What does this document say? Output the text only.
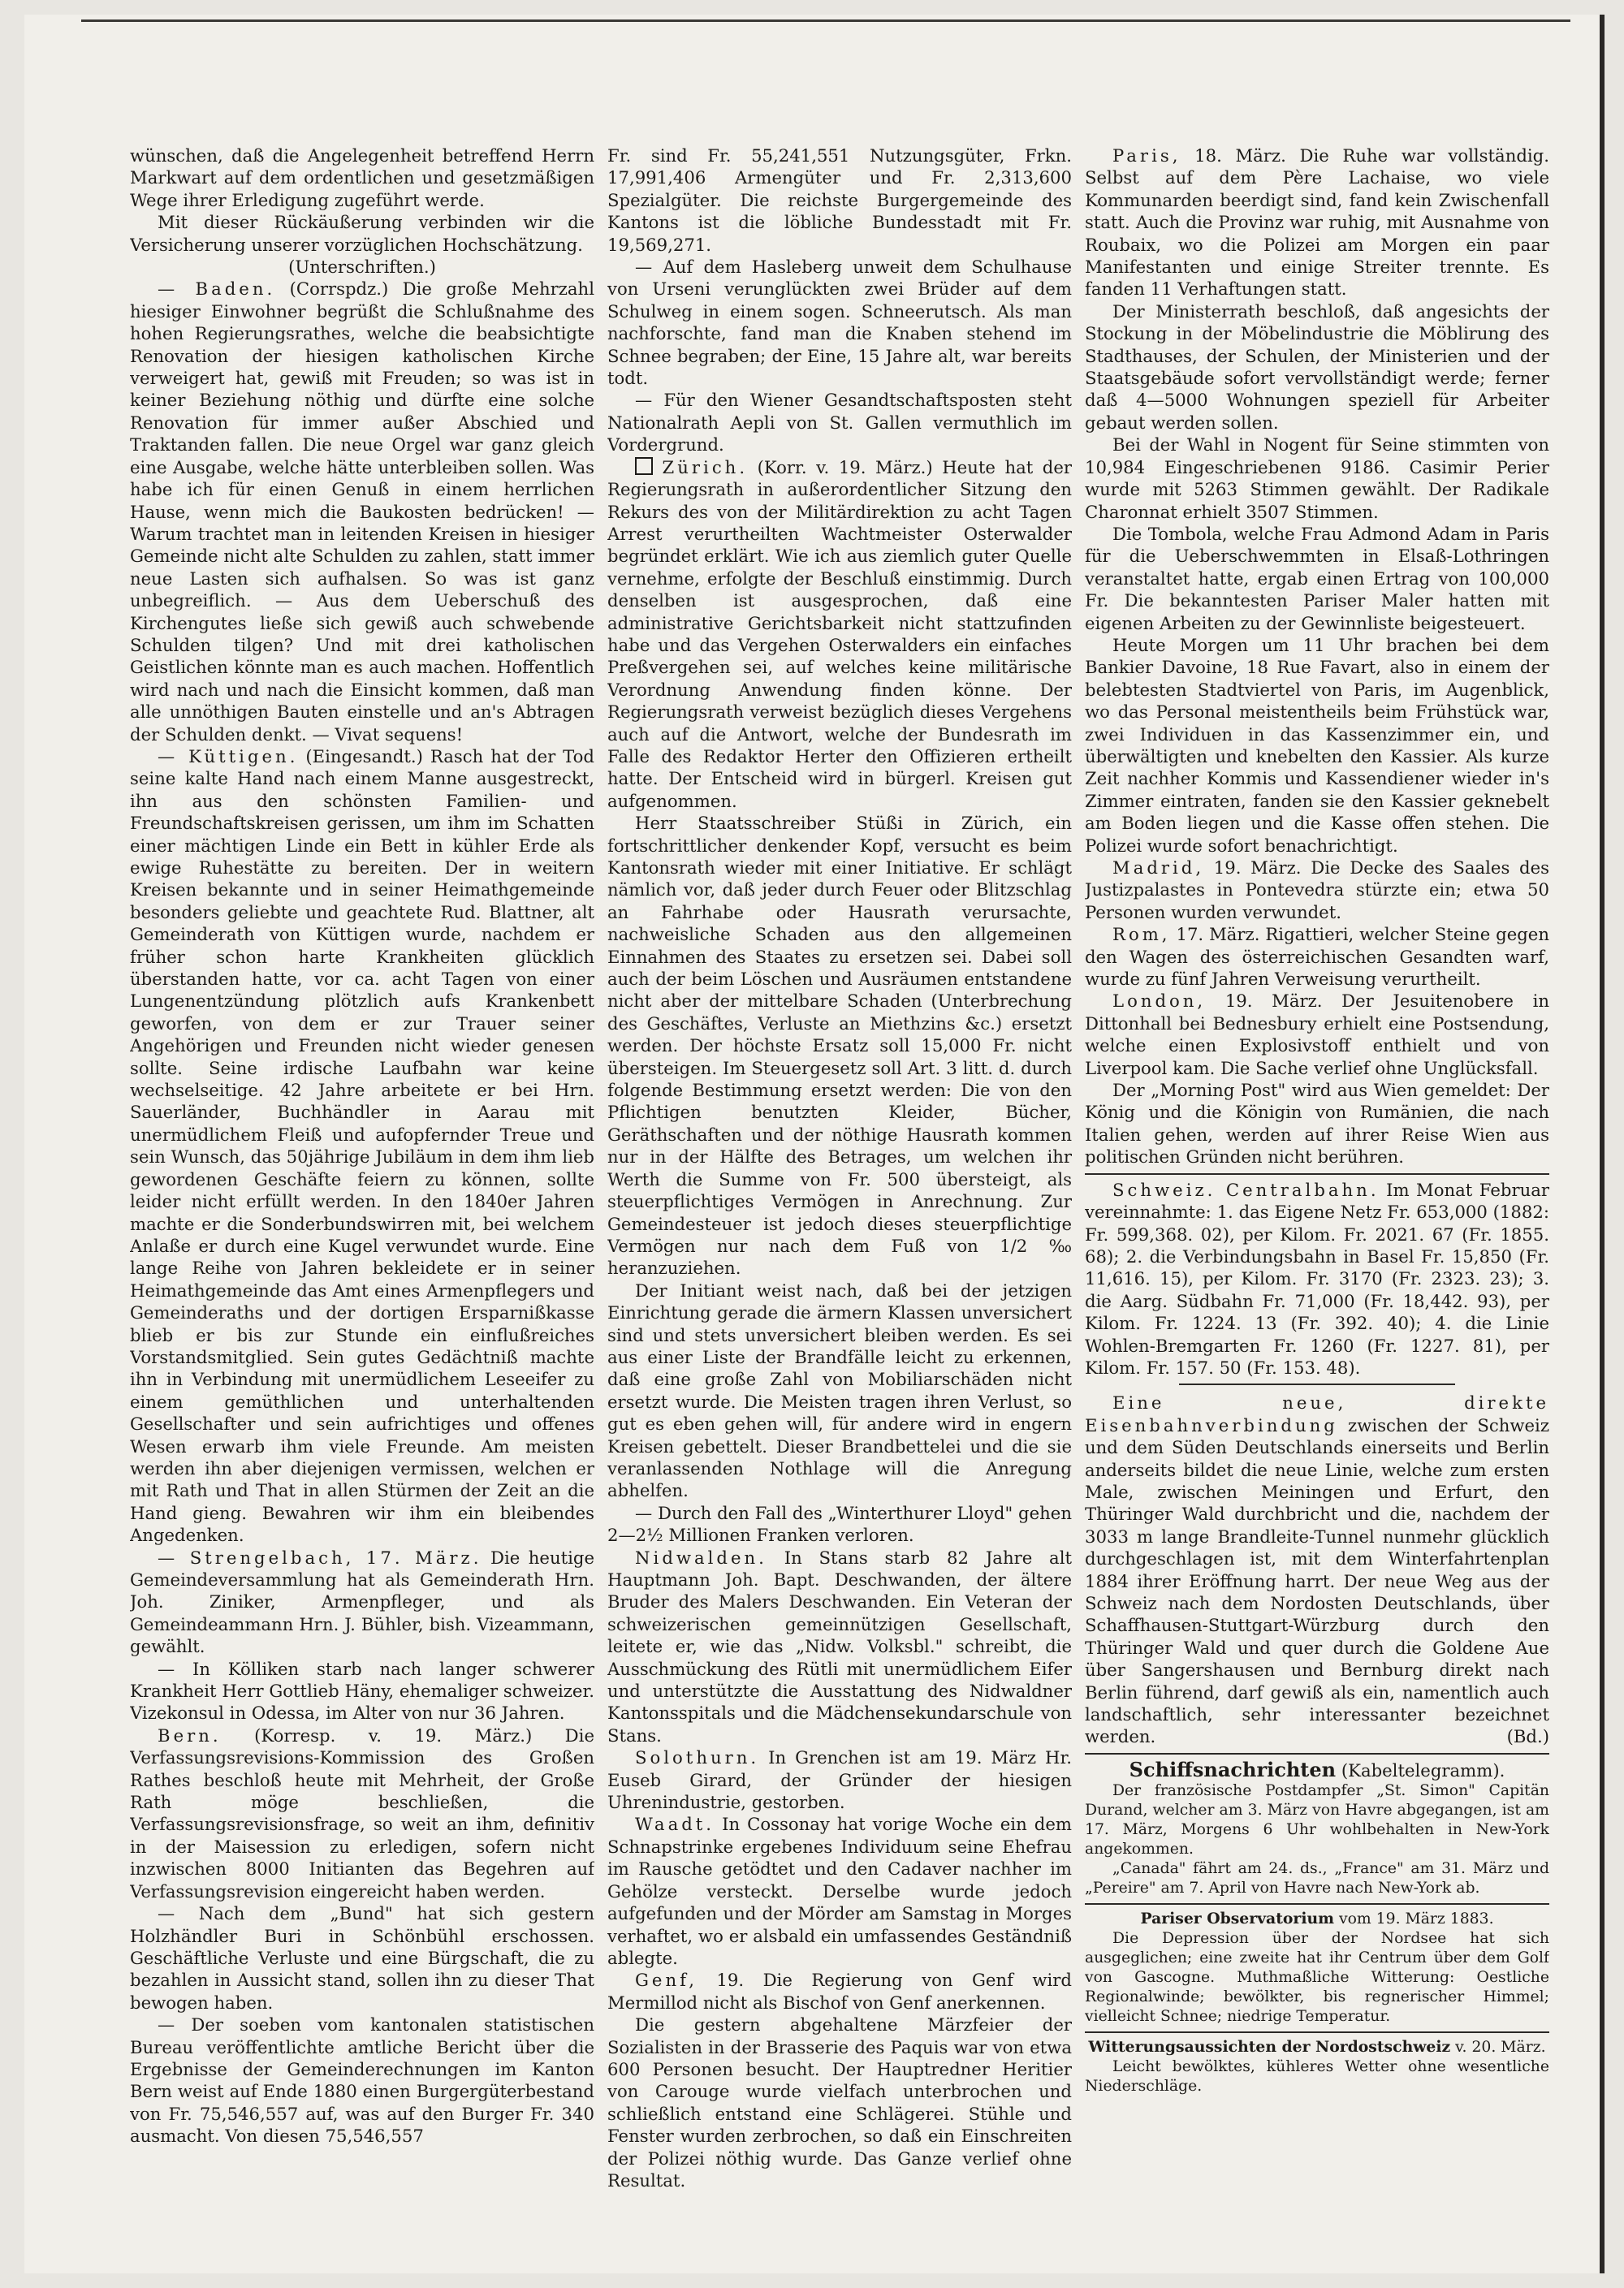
wünschen, daß die Angelegenheit betreffend Herrn Markwart auf dem ordentlichen und gesetzmäßigen Wege ihrer Erledigung zugeführt werde.

Mit dieser Rückäußerung verbinden wir die Versicherung unserer vorzüglichen Hochschätzung.

(Unterschriften.)

— Baden. (Corrspdz.) Die große Mehrzahl hiesiger Einwohner begrüßt die Schlußnahme des hohen Regierungsrathes, welche die beabsichtigte Renovation der hiesigen katholischen Kirche verweigert hat, gewiß mit Freuden; so was ist in keiner Beziehung nöthig und dürfte eine solche Renovation für immer außer Abschied und Traktanden fallen. Die neue Orgel war ganz gleich eine Ausgabe, welche hätte unterbleiben sollen. Was habe ich für einen Genuß in einem herrlichen Hause, wenn mich die Baukosten bedrücken! — Warum trachtet man in leitenden Kreisen in hiesiger Gemeinde nicht alte Schulden zu zahlen, statt immer neue Lasten sich aufhalsen. So was ist ganz unbegreiflich. — Aus dem Ueberschuß des Kirchengutes ließe sich gewiß auch schwebende Schulden tilgen? Und mit drei katholischen Geistlichen könnte man es auch machen. Hoffentlich wird nach und nach die Einsicht kommen, daß man alle unnöthigen Bauten einstelle und an's Abtragen der Schulden denkt. — Vivat sequens!

— Küttigen. (Eingesandt.) Rasch hat der Tod seine kalte Hand nach einem Manne ausgestreckt, ihn aus den schönsten Familien- und Freundschaftskreisen gerissen, um ihm im Schatten einer mächtigen Linde ein Bett in kühler Erde als ewige Ruhestätte zu bereiten. Der in weitern Kreisen bekannte und in seiner Heimathgemeinde besonders geliebte und geachtete Rud. Blattner, alt Gemeinderath von Küttigen wurde, nachdem er früher schon harte Krankheiten glücklich überstanden hatte, vor ca. acht Tagen von einer Lungenentzündung plötzlich aufs Krankenbett geworfen, von dem er zur Trauer seiner Angehörigen und Freunden nicht wieder genesen sollte. Seine irdische Laufbahn war keine wechselseitige. 42 Jahre arbeitete er bei Hrn. Sauerländer, Buchhändler in Aarau mit unermüdlichem Fleiß und aufopfernder Treue und sein Wunsch, das 50jährige Jubiläum in dem ihm lieb gewordenen Geschäfte feiern zu können, sollte leider nicht erfüllt werden. In den 1840er Jahren machte er die Sonderbundswirren mit, bei welchem Anlaße er durch eine Kugel verwundet wurde. Eine lange Reihe von Jahren bekleidete er in seiner Heimathgemeinde das Amt eines Armenpflegers und Gemeinderaths und der dortigen Ersparnißkasse blieb er bis zur Stunde ein einflußreiches Vorstandsmitglied. Sein gutes Gedächtniß machte ihn in Verbindung mit unermüdlichem Leseeifer zu einem gemüthlichen und unterhaltenden Gesellschafter und sein aufrichtiges und offenes Wesen erwarb ihm viele Freunde. Am meisten werden ihn aber diejenigen vermissen, welchen er mit Rath und That in allen Stürmen der Zeit an die Hand gieng. Bewahren wir ihm ein bleibendes Angedenken.

— Strengelbach, 17. März. Die heutige Gemeindeversammlung hat als Gemeinderath Hrn. Joh. Ziniker, Armenpfleger, und als Gemeindeammann Hrn. J. Bühler, bish. Vizeammann, gewählt.

— In Kölliken starb nach langer schwerer Krankheit Herr Gottlieb Häny, ehemaliger schweizer. Vizekonsul in Odessa, im Alter von nur 36 Jahren.

Bern. (Korresp. v. 19. März.) Die Verfassungsrevisions-Kommission des Großen Rathes beschloß heute mit Mehrheit, der Große Rath möge beschließen, die Verfassungsrevisionsfrage, so weit an ihm, definitiv in der Maisession zu erledigen, sofern nicht inzwischen 8000 Initianten das Begehren auf Verfassungsrevision eingereicht haben werden.

— Nach dem „Bund" hat sich gestern Holzhändler Buri in Schönbühl erschossen. Geschäftliche Verluste und eine Bürgschaft, die zu bezahlen in Aussicht stand, sollen ihn zu dieser That bewogen haben.

— Der soeben vom kantonalen statistischen Bureau veröffentlichte amtliche Bericht über die Ergebnisse der Gemeinderechnungen im Kanton Bern weist auf Ende 1880 einen Burgergüterbestand von Fr. 75,546,557 auf, was auf den Burger Fr. 340 ausmacht. Von diesen 75,546,557

Fr. sind Fr. 55,241,551 Nutzungsgüter, Frkn. 17,991,406 Armengüter und Fr. 2,313,600 Spezialgüter. Die reichste Burgergemeinde des Kantons ist die löbliche Bundesstadt mit Fr. 19,569,271.

— Auf dem Hasleberg unweit dem Schulhause von Urseni verunglückten zwei Brüder auf dem Schulweg in einem sogen. Schneerutsch. Als man nachforschte, fand man die Knaben stehend im Schnee begraben; der Eine, 15 Jahre alt, war bereits todt.

— Für den Wiener Gesandtschaftsposten steht Nationalrath Aepli von St. Gallen vermuthlich im Vordergrund.

Zürich. (Korr. v. 19. März.) Heute hat der Regierungsrath in außerordentlicher Sitzung den Rekurs des von der Militärdirektion zu acht Tagen Arrest verurtheilten Wachtmeister Osterwalder begründet erklärt. Wie ich aus ziemlich guter Quelle vernehme, erfolgte der Beschluß einstimmig. Durch denselben ist ausgesprochen, daß eine administrative Gerichtsbarkeit nicht stattzufinden habe und das Vergehen Osterwalders ein einfaches Preßvergehen sei, auf welches keine militärische Verordnung Anwendung finden könne. Der Regierungsrath verweist bezüglich dieses Vergehens auch auf die Antwort, welche der Bundesrath im Falle des Redaktor Herter den Offizieren ertheilt hatte. Der Entscheid wird in bürgerl. Kreisen gut aufgenommen.

Herr Staatsschreiber Stüßi in Zürich, ein fortschrittlicher denkender Kopf, versucht es beim Kantonsrath wieder mit einer Initiative. Er schlägt nämlich vor, daß jeder durch Feuer oder Blitzschlag an Fahrhabe oder Hausrath verursachte, nachweisliche Schaden aus den allgemeinen Einnahmen des Staates zu ersetzen sei. Dabei soll auch der beim Löschen und Ausräumen entstandene nicht aber der mittelbare Schaden (Unterbrechung des Geschäftes, Verluste an Miethzins &c.) ersetzt werden. Der höchste Ersatz soll 15,000 Fr. nicht übersteigen. Im Steuergesetz soll Art. 3 litt. d. durch folgende Bestimmung ersetzt werden: Die von den Pflichtigen benutzten Kleider, Bücher, Geräthschaften und der nöthige Hausrath kommen nur in der Hälfte des Betrages, um welchen ihr Werth die Summe von Fr. 500 übersteigt, als steuerpflichtiges Vermögen in Anrechnung. Zur Gemeindesteuer ist jedoch dieses steuerpflichtige Vermögen nur nach dem Fuß von 1/2 ‰ heranzuziehen.

Der Initiant weist nach, daß bei der jetzigen Einrichtung gerade die ärmern Klassen unversichert sind und stets unversichert bleiben werden. Es sei aus einer Liste der Brandfälle leicht zu erkennen, daß eine große Zahl von Mobiliarschäden nicht ersetzt wurde. Die Meisten tragen ihren Verlust, so gut es eben gehen will, für andere wird in engern Kreisen gebettelt. Dieser Brandbettelei und die sie veranlassenden Nothlage will die Anregung abhelfen.

— Durch den Fall des „Winterthurer Lloyd" gehen 2—2½ Millionen Franken verloren.

Nidwalden. In Stans starb 82 Jahre alt Hauptmann Joh. Bapt. Deschwanden, der ältere Bruder des Malers Deschwanden. Ein Veteran der schweizerischen gemeinnützigen Gesellschaft, leitete er, wie das „Nidw. Volksbl." schreibt, die Ausschmückung des Rütli mit unermüdlichem Eifer und unterstützte die Ausstattung des Nidwaldner Kantonsspitals und die Mädchensekundarschule von Stans.

Solothurn. In Grenchen ist am 19. März Hr. Euseb Girard, der Gründer der hiesigen Uhrenindustrie, gestorben.

Waadt. In Cossonay hat vorige Woche ein dem Schnapstrinke ergebenes Individuum seine Ehefrau im Rausche getödtet und den Cadaver nachher im Gehölze versteckt. Derselbe wurde jedoch aufgefunden und der Mörder am Samstag in Morges verhaftet, wo er alsbald ein umfassendes Geständniß ablegte.

Genf, 19. Die Regierung von Genf wird Mermillod nicht als Bischof von Genf anerkennen.

Die gestern abgehaltene Märzfeier der Sozialisten in der Brasserie des Paquis war von etwa 600 Personen besucht. Der Hauptredner Heritier von Carouge wurde vielfach unterbrochen und schließlich entstand eine Schlägerei. Stühle und Fenster wurden zerbrochen, so daß ein Einschreiten der Polizei nöthig wurde. Das Ganze verlief ohne Resultat.

Paris, 18. März. Die Ruhe war vollständig. Selbst auf dem Père Lachaise, wo viele Kommunarden beerdigt sind, fand kein Zwischenfall statt. Auch die Provinz war ruhig, mit Ausnahme von Roubaix, wo die Polizei am Morgen ein paar Manifestanten und einige Streiter trennte. Es fanden 11 Verhaftungen statt.

Der Ministerrath beschloß, daß angesichts der Stockung in der Möbelindustrie die Möblirung des Stadthauses, der Schulen, der Ministerien und der Staatsgebäude sofort vervollständigt werde; ferner daß 4—5000 Wohnungen speziell für Arbeiter gebaut werden sollen.

Bei der Wahl in Nogent für Seine stimmten von 10,984 Eingeschriebenen 9186. Casimir Perier wurde mit 5263 Stimmen gewählt. Der Radikale Charonnat erhielt 3507 Stimmen.

Die Tombola, welche Frau Admond Adam in Paris für die Ueberschwemmten in Elsaß-Lothringen veranstaltet hatte, ergab einen Ertrag von 100,000 Fr. Die bekanntesten Pariser Maler hatten mit eigenen Arbeiten zu der Gewinnliste beigesteuert.

Heute Morgen um 11 Uhr brachen bei dem Bankier Davoine, 18 Rue Favart, also in einem der belebtesten Stadtviertel von Paris, im Augenblick, wo das Personal meistentheils beim Frühstück war, zwei Individuen in das Kassenzimmer ein, und überwältigten und knebelten den Kassier. Als kurze Zeit nachher Kommis und Kassendiener wieder in's Zimmer eintraten, fanden sie den Kassier geknebelt am Boden liegen und die Kasse offen stehen. Die Polizei wurde sofort benachrichtigt.

Madrid, 19. März. Die Decke des Saales des Justizpalastes in Pontevedra stürzte ein; etwa 50 Personen wurden verwundet.

Rom, 17. März. Rigattieri, welcher Steine gegen den Wagen des österreichischen Gesandten warf, wurde zu fünf Jahren Verweisung verurtheilt.

London, 19. März. Der Jesuitenobere in Dittonhall bei Bednesbury erhielt eine Postsendung, welche einen Explosivstoff enthielt und von Liverpool kam. Die Sache verlief ohne Unglücksfall.

Der „Morning Post" wird aus Wien gemeldet: Der König und die Königin von Rumänien, die nach Italien gehen, werden auf ihrer Reise Wien aus politischen Gründen nicht berühren.

Schweiz. Centralbahn. Im Monat Februar vereinnahmte: 1. das Eigene Netz Fr. 653,000 (1882: Fr. 599,368. 02), per Kilom. Fr. 2021. 67 (Fr. 1855. 68); 2. die Verbindungsbahn in Basel Fr. 15,850 (Fr. 11,616. 15), per Kilom. Fr. 3170 (Fr. 2323. 23); 3. die Aarg. Südbahn Fr. 71,000 (Fr. 18,442. 93), per Kilom. Fr. 1224. 13 (Fr. 392. 40); 4. die Linie Wohlen-Bremgarten Fr. 1260 (Fr. 1227. 81), per Kilom. Fr. 157. 50 (Fr. 153. 48).

Eine neue, direkte Eisenbahnverbindung zwischen der Schweiz und dem Süden Deutschlands einerseits und Berlin anderseits bildet die neue Linie, welche zum ersten Male, zwischen Meiningen und Erfurt, den Thüringer Wald durchbricht und die, nachdem der 3033 m lange Brandleite-Tunnel nunmehr glücklich durchgeschlagen ist, mit dem Winterfahrtenplan 1884 ihrer Eröffnung harrt. Der neue Weg aus der Schweiz nach dem Nordosten Deutschlands, über Schaffhausen-Stuttgart-Würzburg durch den Thüringer Wald und quer durch die Goldene Aue über Sangershausen und Bernburg direkt nach Berlin führend, darf gewiß als ein, namentlich auch landschaftlich, sehr interessanter bezeichnet werden.	(Bd.)

Schiffsnachrichten (Kabeltelegramm).

Der französische Postdampfer „St. Simon" Capitän Durand, welcher am 3. März von Havre abgegangen, ist am 17. März, Morgens 6 Uhr wohlbehalten in New-York angekommen.

„Canada" fährt am 24. ds., „France" am 31. März und „Pereire" am 7. April von Havre nach New-York ab.

Pariser Observatorium vom 19. März 1883.

Die Depression über der Nordsee hat sich ausgeglichen; eine zweite hat ihr Centrum über dem Golf von Gascogne. Muthmaßliche Witterung: Oestliche Regionalwinde; bewölkter, bis regnerischer Himmel; vielleicht Schnee; niedrige Temperatur.

Witterungsaussichten der Nordostschweiz v. 20. März.

Leicht bewölktes, kühleres Wetter ohne wesentliche Niederschläge.
